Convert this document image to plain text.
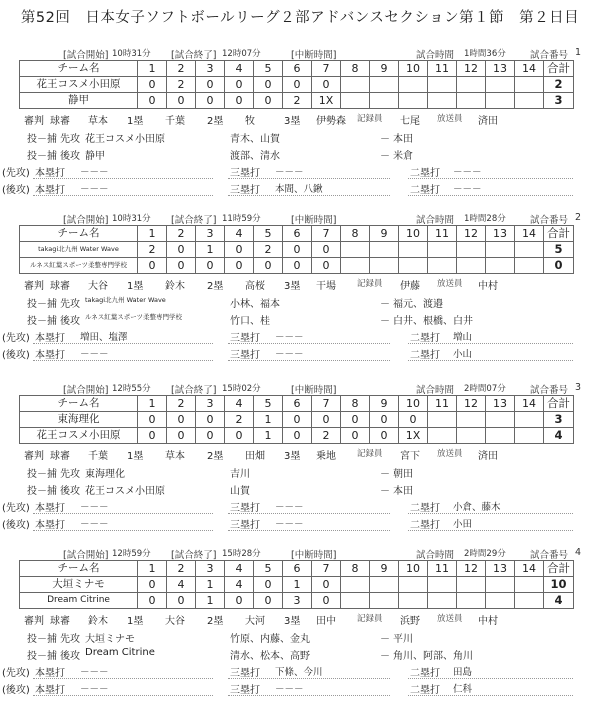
第52回　日本女子ソフトボールリーグ２部アドバンスセクション第１節　第２日目
[試合開始] 10時31分 [試合終了] 12時07分	[中断時間]	試合時間 1時間36分	試合番号 1
チーム名	1	2	3	4	5	6	7	8	9	10	11	12	13	14	合計
花王コスメ小田原	0	2	0	0	0	0	0								2
静甲	0	0	0	0	0	2	1X								3
審判 球審 草本 1塁 千葉 2塁 牧	3塁 伊勢森 記録員 七尾 放送員 済田
投－捕 先攻 花王コスメ小田原	青木、山賀	－ 本田
投－捕 後攻 静甲	渡部、清水	－ 米倉
(先攻) 本塁打 －－－	三塁打 －－－	二塁打 －－－
(後攻) 本塁打 －－－	三塁打 本間、八鍬	二塁打 －－－
[試合開始] 10時31分 [試合終了] 11時59分	[中断時間]	試合時間 1時間28分	試合番号 2
チーム名	1	2	3	4	5	6	7	8	9	10	11	12	13	14	合計
takagi北九州 Water Wave	2	0	1	0	2	0	0								5
ルネス紅葉スポーツ柔整専門学校	0	0	0	0	0	0	0								0
審判 球審 大谷 1塁 鈴木 2塁 高桜 3塁 干場 記録員 伊藤 放送員 中村
投－捕 先攻 takagi北九州 Water Wave	小林、福本	－ 福元、渡邉
投－捕 後攻 ルネス紅葉スポーツ柔整専門学校	竹口、桂	－ 白井、根橋、白井
(先攻) 本塁打 増田、塩澤	三塁打 －－－	二塁打 増山
(後攻) 本塁打 －－－	三塁打 －－－	二塁打 小山
[試合開始] 12時55分 [試合終了] 15時02分	[中断時間]	試合時間 2時間07分	試合番号 3
チーム名	1	2	3	4	5	6	7	8	9	10	11	12	13	14	合計
東海理化	0	0	0	2	1	0	0	0	0	0					3
花王コスメ小田原	0	0	0	0	1	0	2	0	0	1X					4
審判 球審 千葉 1塁 草本 2塁 田畑 3塁 乗地 記録員 宮下 放送員 済田
投－捕 先攻 東海理化	吉川	－ 朝田
投－捕 後攻 花王コスメ小田原	山賀	－ 本田
(先攻) 本塁打 －－－	三塁打 －－－	二塁打 小倉、藤木
(後攻) 本塁打 －－－	三塁打 －－－	二塁打 小田
[試合開始] 12時59分 [試合終了] 15時28分	[中断時間]	試合時間 2時間29分	試合番号 4
チーム名	1	2	3	4	5	6	7	8	9	10	11	12	13	14	合計
大垣ミナモ	0	4	1	4	0	1	0								10
Dream Citrine	0	0	1	0	0	3	0								4
審判 球審 鈴木 1塁 大谷 2塁 大河 3塁 田中 記録員 浜野 放送員 中村
投－捕 先攻 大垣ミナモ	竹原、内藤、金丸	－ 平川
投－捕 後攻 Dream Citrine	清水、松本、高野	－ 角川、阿部、角川
(先攻) 本塁打 －－－	三塁打 下條、今川	二塁打 田島
(後攻) 本塁打 －－－	三塁打 －－－	二塁打 仁科
